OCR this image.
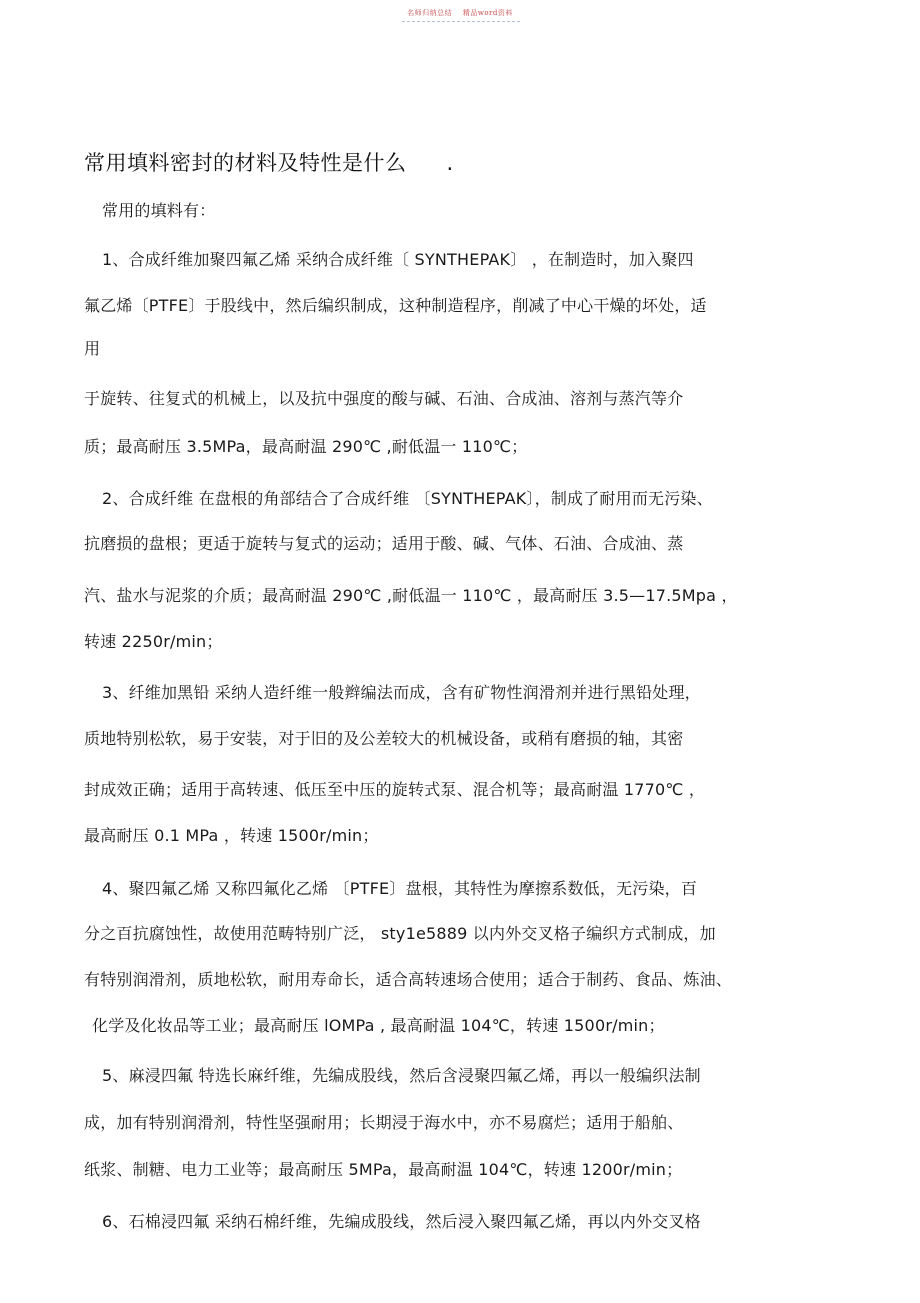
名师归纳总结 精品word资料
常用填料密封的材料及特性是什么 .
常用的填料有：
1、合成纤维加聚四氟乙烯 采纳合成纤维〔 SYNTHEPAK〕 ，在制造时，加入聚四
氟乙烯〔PTFE〕于股线中，然后编织制成，这种制造程序，削减了中心干燥的坏处，适
用
于旋转、往复式的机械上，以及抗中强度的酸与碱、石油、合成油、溶剂与蒸汽等介
质；最高耐压 3.5MPa，最高耐温 290℃ ,耐低温一 110℃；
2、合成纤维 在盘根的角部结合了合成纤维 〔SYNTHEPAK〕，制成了耐用而无污染、
抗磨损的盘根；更适于旋转与复式的运动；适用于酸、碱、气体、石油、合成油、蒸
汽、盐水与泥浆的介质；最高耐温 290℃ ,耐低温一 110℃ ，最高耐压 3.5—17.5Mpa ，
转速 2250r/min；
3、纤维加黑铅 采纳人造纤维一般辫编法而成，含有矿物性润滑剂并进行黑铅处理，
质地特别松软，易于安装，对于旧的及公差较大的机械设备，或稍有磨损的轴，其密
封成效正确；适用于高转速、低压至中压的旋转式泵、混合机等；最高耐温 1770℃ ，
最高耐压 0.1 MPa ，转速 1500r/min；
4、聚四氟乙烯 又称四氟化乙烯 〔PTFE〕盘根，其特性为摩擦系数低，无污染，百
分之百抗腐蚀性，故使用范畴特别广泛， sty1e5889 以内外交叉格子编织方式制成，加
有特别润滑剂，质地松软，耐用寿命长，适合高转速场合使用；适合于制药、食品、炼油、
化学及化妆品等工业；最高耐压 lOMPa , 最高耐温 104℃，转速 1500r/min；
5、麻浸四氟 特选长麻纤维，先编成股线，然后含浸聚四氟乙烯，再以一般编织法制
成，加有特别润滑剂，特性坚强耐用；长期浸于海水中，亦不易腐烂；适用于船舶、
纸浆、制糖、电力工业等；最高耐压 5MPa，最高耐温 104℃，转速 1200r/min；
6、石棉浸四氟 采纳石棉纤维，先编成股线，然后浸入聚四氟乙烯，再以内外交叉格
